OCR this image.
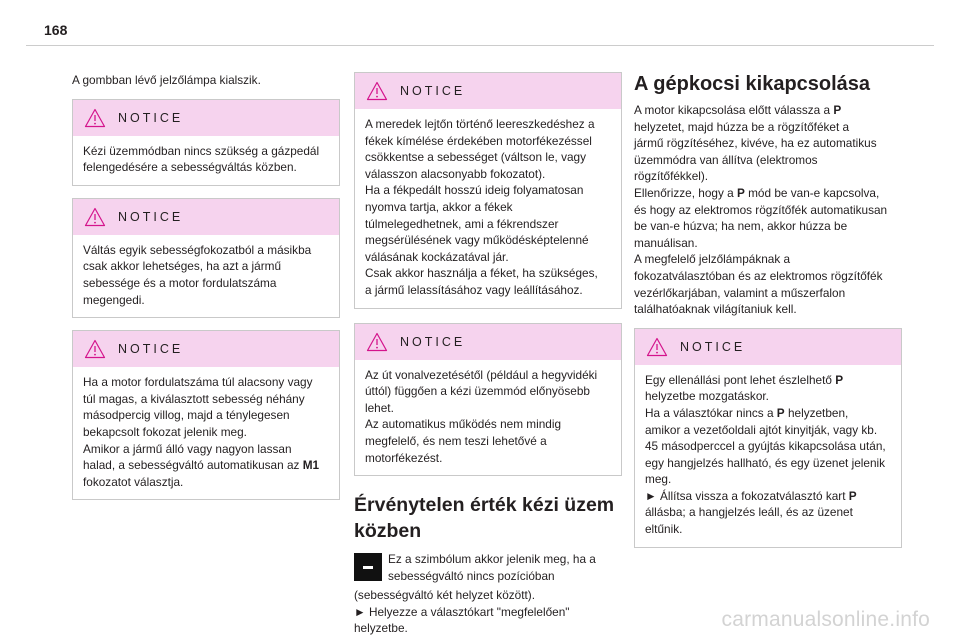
168

A gombban lévő jelzőlámpa kialszik.

NOTICE
Kézi üzemmódban nincs szükség a gázpedál
felengedésére a sebességváltás közben.
NOTICE
Váltás egyik sebességfokozatból a másikba
csak akkor lehetséges, ha azt a jármű
sebessége és a motor fordulatszáma
megengedi.
NOTICE
Ha a motor fordulatszáma túl alacsony vagy
túl magas, a kiválasztott sebesség néhány
másodpercig villog, majd a ténylegesen
bekapcsolt fokozat jelenik meg.
Amikor a jármű álló vagy nagyon lassan
halad, a sebességváltó automatikusan az M1
fokozatot választja.
NOTICE
A meredek lejtőn történő leereszkedéshez a
fékek kímélése érdekében motorfékezéssel
csökkentse a sebességet (váltson le, vagy
válasszon alacsonyabb fokozatot).
Ha a fékpedált hosszú ideig folyamatosan
nyomva tartja, akkor a fékek
túlmelegedhetnek, ami a fékrendszer
megsérülésének vagy működésképtelenné
válásának kockázatával jár.
Csak akkor használja a féket, ha szükséges,
a jármű lelassításához vagy leállításához.
NOTICE
Az út vonalvezetésétől (például a hegyvidéki
úttól) függően a kézi üzemmód előnyösebb
lehet.
Az automatikus működés nem mindig
megfelelő, és nem teszi lehetővé a
motorfékezést.
Érvénytelen érték kézi üzem
közben

Ez a szimbólum akkor jelenik meg, ha a

sebességváltó nincs pozícióban

(sebességváltó két helyzet között).

► Helyezze a választókart "megfelelően"

helyzetbe.

A gépkocsi kikapcsolása

A motor kikapcsolása előtt válassza a P

helyzetet, majd húzza be a rögzítőféket a

jármű rögzítéséhez, kivéve, ha ez automatikus

üzemmódra van állítva (elektromos

rögzítőfékkel).

Ellenőrizze, hogy a P mód be van-e kapcsolva,

és hogy az elektromos rögzítőfék automatikusan

be van-e húzva; ha nem, akkor húzza be

manuálisan.

A megfelelő jelzőlámpáknak a

fokozatválasztóban és az elektromos rögzítőfék

vezérlőkarjában, valamint a műszerfalon

találhatóaknak világítaniuk kell.

NOTICE
Egy ellenállási pont lehet észlelhető P
helyzetbe mozgatáskor.
Ha a választókar nincs a P helyzetben,
amikor a vezetőoldali ajtót kinyitják, vagy kb.
45 másodperccel a gyújtás kikapcsolása után,
egy hangjelzés hallható, és egy üzenet jelenik
meg.
► Állítsa vissza a fokozatválasztó kart P
állásba; a hangjelzés leáll, és az üzenet
eltűnik.
carmanualsonline.info
